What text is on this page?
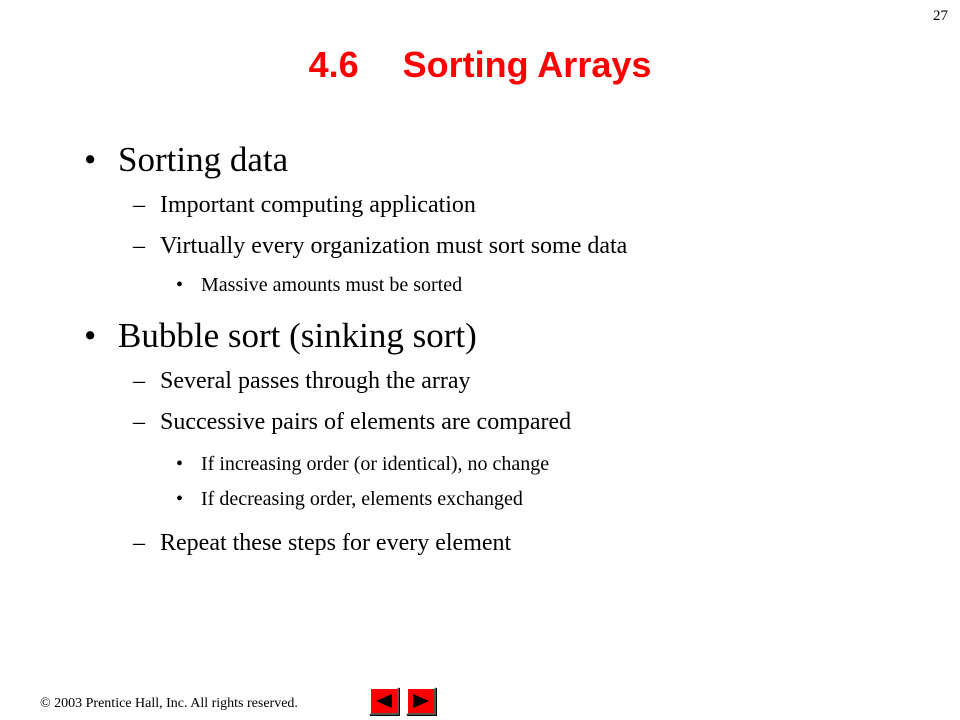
27
4.6 Sorting Arrays
• Sorting data
– Important computing application
– Virtually every organization must sort some data
• Massive amounts must be sorted
• Bubble sort (sinking sort)
– Several passes through the array
– Successive pairs of elements are compared
• If increasing order (or identical), no change
• If decreasing order, elements exchanged
– Repeat these steps for every element
© 2003 Prentice Hall, Inc. All rights reserved.
